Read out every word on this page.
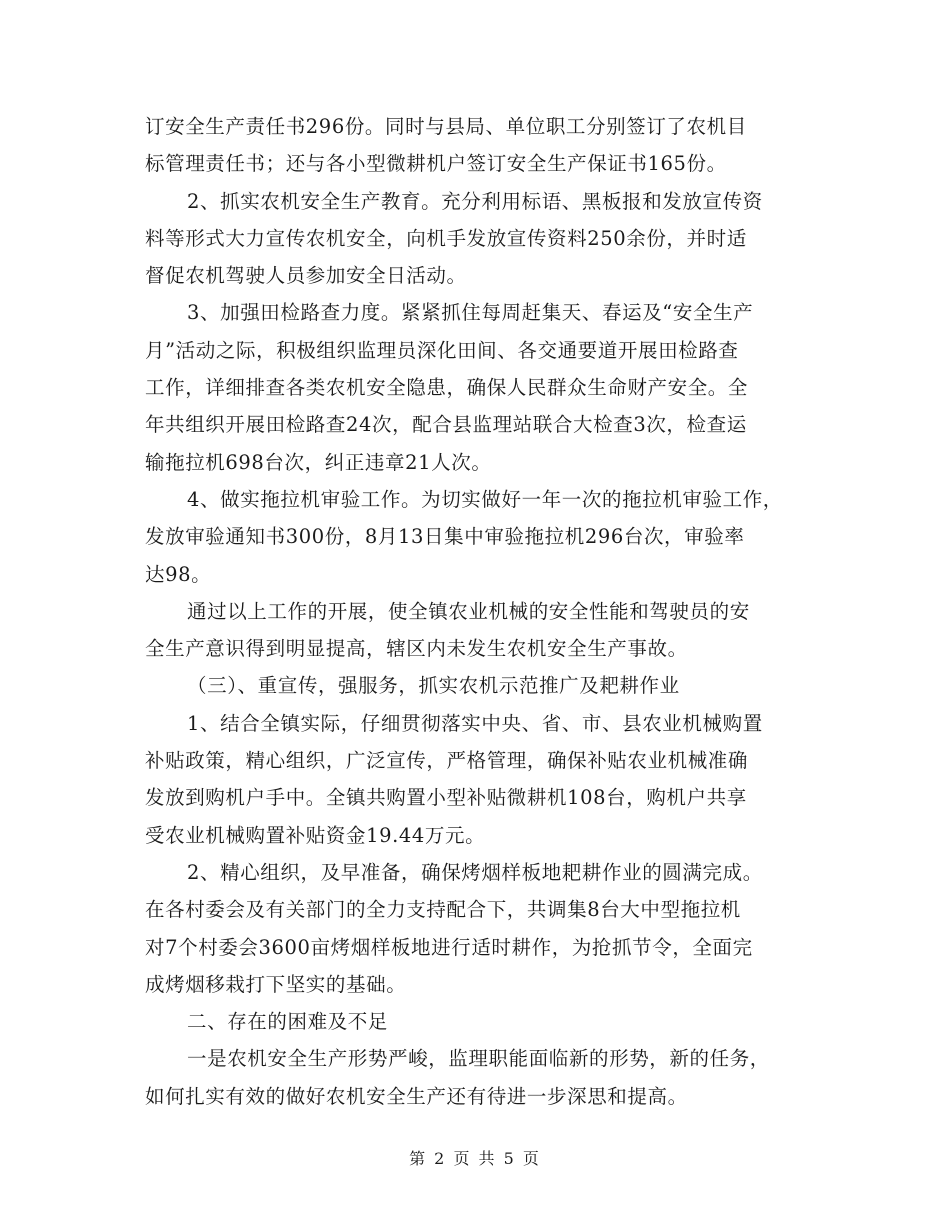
订安全生产责任书296份。同时与县局、单位职工分别签订了农机目
标管理责任书；还与各小型微耕机户签订安全生产保证书165份。
2、抓实农机安全生产教育。充分利用标语、黑板报和发放宣传资
料等形式大力宣传农机安全，向机手发放宣传资料250余份，并时适
督促农机驾驶人员参加安全日活动。
3、加强田检路查力度。紧紧抓住每周赶集天、春运及“安全生产
月”活动之际，积极组织监理员深化田间、各交通要道开展田检路查
工作，详细排查各类农机安全隐患，确保人民群众生命财产安全。全
年共组织开展田检路查24次，配合县监理站联合大检查3次，检查运
输拖拉机698台次，纠正违章21人次。
4、做实拖拉机审验工作。为切实做好一年一次的拖拉机审验工作，
发放审验通知书300份，8月13日集中审验拖拉机296台次，审验率
达98。
通过以上工作的开展，使全镇农业机械的安全性能和驾驶员的安
全生产意识得到明显提高，辖区内未发生农机安全生产事故。
（三）、重宣传，强服务，抓实农机示范推广及耙耕作业
1、结合全镇实际，仔细贯彻落实中央、省、市、县农业机械购置
补贴政策，精心组织，广泛宣传，严格管理，确保补贴农业机械准确
发放到购机户手中。全镇共购置小型补贴微耕机108台，购机户共享
受农业机械购置补贴资金19.44万元。
2、精心组织，及早准备，确保烤烟样板地耙耕作业的圆满完成。
在各村委会及有关部门的全力支持配合下，共调集8台大中型拖拉机
对7个村委会3600亩烤烟样板地进行适时耕作，为抢抓节令，全面完
成烤烟移栽打下坚实的基础。
二、存在的困难及不足
一是农机安全生产形势严峻，监理职能面临新的形势，新的任务，
如何扎实有效的做好农机安全生产还有待进一步深思和提高。
第 2 页 共 5 页
